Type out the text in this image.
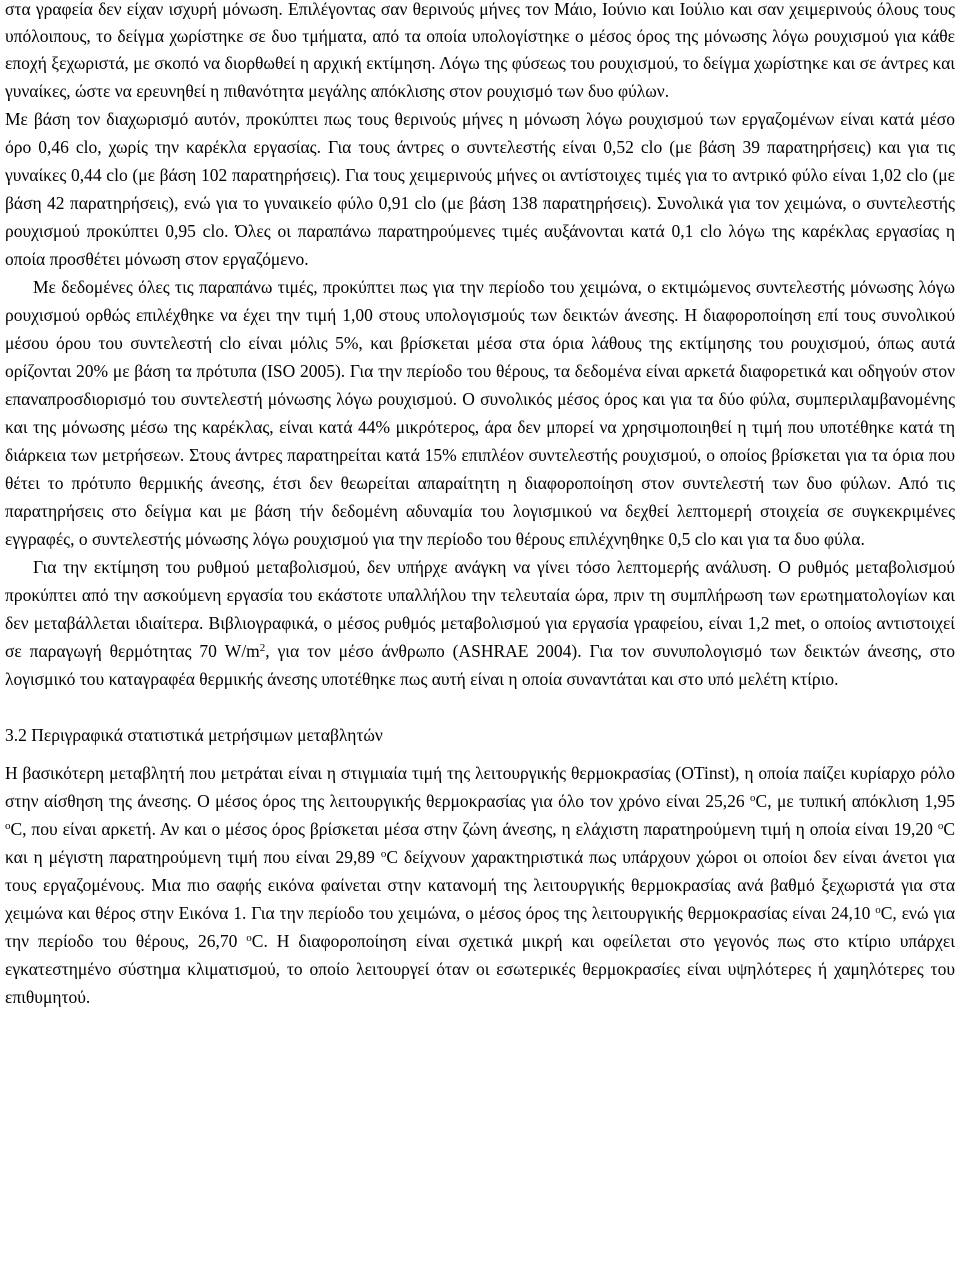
στα γραφεία δεν είχαν ισχυρή μόνωση. Επιλέγοντας σαν θερινούς μήνες τον Μάιο, Ιούνιο και Ιούλιο και σαν χειμερινούς όλους τους υπόλοιπους, το δείγμα χωρίστηκε σε δυο τμήματα, από τα οποία υπολογίστηκε ο μέσος όρος της μόνωσης λόγω ρουχισμού για κάθε εποχή ξεχωριστά, με σκοπό να διορθωθεί η αρχική εκτίμηση. Λόγω της φύσεως του ρουχισμού, το δείγμα χωρίστηκε και σε άντρες και γυναίκες, ώστε να ερευνηθεί η πιθανότητα μεγάλης απόκλισης στον ρουχισμό των δυο φύλων.

Με βάση τον διαχωρισμό αυτόν, προκύπτει πως τους θερινούς μήνες η μόνωση λόγω ρουχισμού των εργαζομένων είναι κατά μέσο όρο 0,46 clo, χωρίς την καρέκλα εργασίας. Για τους άντρες ο συντελεστής είναι 0,52 clo (με βάση 39 παρατηρήσεις) και για τις γυναίκες 0,44 clo (με βάση 102 παρατηρήσεις). Για τους χειμερινούς μήνες οι αντίστοιχες τιμές για το αντρικό φύλο είναι 1,02 clo (με βάση 42 παρατηρήσεις), ενώ για το γυναικείο φύλο 0,91 clo (με βάση 138 παρατηρήσεις). Συνολικά για τον χειμώνα, ο συντελεστής ρουχισμού προκύπτει 0,95 clo. Όλες οι παραπάνω παρατηρούμενες τιμές αυξάνονται κατά 0,1 clo λόγω της καρέκλας εργασίας η οποία προσθέτει μόνωση στον εργαζόμενο.

Με δεδομένες όλες τις παραπάνω τιμές, προκύπτει πως για την περίοδο του χειμώνα, ο εκτιμώμενος συντελεστής μόνωσης λόγω ρουχισμού ορθώς επιλέχθηκε να έχει την τιμή 1,00 στους υπολογισμούς των δεικτών άνεσης. Η διαφοροποίηση επί τους συνολικού μέσου όρου του συντελεστή clo είναι μόλις 5%, και βρίσκεται μέσα στα όρια λάθους της εκτίμησης του ρουχισμού, όπως αυτά ορίζονται 20% με βάση τα πρότυπα (ISO 2005). Για την περίοδο του θέρους, τα δεδομένα είναι αρκετά διαφορετικά και οδηγούν στον επαναπροσδιορισμό του συντελεστή μόνωσης λόγω ρουχισμού. Ο συνολικός μέσος όρος και για τα δύο φύλα, συμπεριλαμβανομένης και της μόνωσης μέσω της καρέκλας, είναι κατά 44% μικρότερος, άρα δεν μπορεί να χρησιμοποιηθεί η τιμή που υποτέθηκε κατά τη διάρκεια των μετρήσεων. Στους άντρες παρατηρείται κατά 15% επιπλέον συντελεστής ρουχισμού, ο οποίος βρίσκεται για τα όρια που θέτει το πρότυπο θερμικής άνεσης, έτσι δεν θεωρείται απαραίτητη η διαφοροποίηση στον συντελεστή των δυο φύλων. Από τις παρατηρήσεις στο δείγμα και με βάση τήν δεδομένη αδυναμία του λογισμικού να δεχθεί λεπτομερή στοιχεία σε συγκεκριμένες εγγραφές, ο συντελεστής μόνωσης λόγω ρουχισμού για την περίοδο του θέρους επιλέχνηθηκε 0,5 clo και για τα δυο φύλα.

Για την εκτίμηση του ρυθμού μεταβολισμού, δεν υπήρχε ανάγκη να γίνει τόσο λεπτομερής ανάλυση. Ο ρυθμός μεταβολισμού προκύπτει από την ασκούμενη εργασία του εκάστοτε υπαλλήλου την τελευταία ώρα, πριν τη συμπλήρωση των ερωτηματολογίων και δεν μεταβάλλεται ιδιαίτερα. Βιβλιογραφικά, ο μέσος ρυθμός μεταβολισμού για εργασία γραφείου, είναι 1,2 met, ο οποίος αντιστοιχεί σε παραγωγή θερμότητας 70 $W/m^2$, για τον μέσο άνθρωπο (ASHRAE 2004). Για τον συνυπολογισμό των δεικτών άνεσης, στο λογισμικό του καταγραφέα θερμικής άνεσης υποτέθηκε πως αυτή είναι η οποία συναντάται και στο υπό μελέτη κτίριο.

3.2 Περιγραφικά στατιστικά μετρήσιμων μεταβλητών

Η βασικότερη μεταβλητή που μετράται είναι η στιγμιαία τιμή της λειτουργικής θερμοκρασίας (OTinst), η οποία παίζει κυρίαρχο ρόλο στην αίσθηση της άνεσης. Ο μέσος όρος της λειτουργικής θερμοκρασίας για όλο τον χρόνο είναι 25,26 $^o$C, με τυπική απόκλιση 1,95 $^o$C, που είναι αρκετή. Αν και ο μέσος όρος βρίσκεται μέσα στην ζώνη άνεσης, η ελάχιστη παρατηρούμενη τιμή η οποία είναι 19,20 $^o$C και η μέγιστη παρατηρούμενη τιμή που είναι 29,89 $^o$C δείχνουν χαρακτηριστικά πως υπάρχουν χώροι οι οποίοι δεν είναι άνετοι για τους εργαζομένους. Μια πιο σαφής εικόνα φαίνεται στην κατανομή της λειτουργικής θερμοκρασίας ανά βαθμό ξεχωριστά για στα χειμώνα και θέρος στην Εικόνα 1. Για την περίοδο του χειμώνα, ο μέσος όρος της λειτουργικής θερμοκρασίας είναι 24,10 $^o$C, ενώ για την περίοδο του θέρους, 26,70 $^o$C. Η διαφοροποίηση είναι σχετικά μικρή και οφείλεται στο γεγονός πως στο κτίριο υπάρχει εγκατεστημένο σύστημα κλιματισμού, το οποίο λειτουργεί όταν οι εσωτερικές θερμοκρασίες είναι υψηλότερες ή χαμηλότερες του επιθυμητού.
